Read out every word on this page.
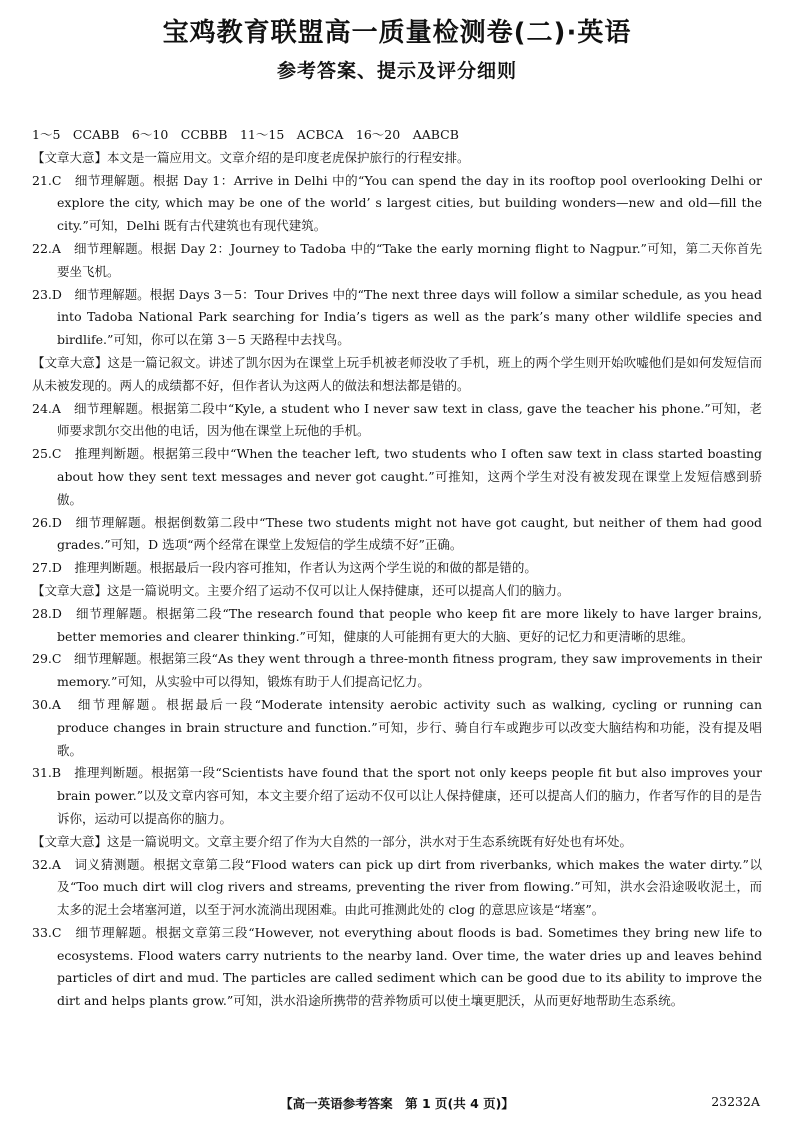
宝鸡教育联盟高一质量检测卷(二)·英语
参考答案、提示及评分细则

1～5　CCABB　6～10　CCBBB　11～15　ACBCA　16～20　AABCB

【文章大意】本文是一篇应用文。文章介绍的是印度老虎保护旅行的行程安排。

21.C　细节理解题。根据 Day 1：Arrive in Delhi 中的“You can spend the day in its rooftop pool overlooking Delhi or explore the city, which may be one of the world’ s largest cities, but building wonders—new and old—fill the city.”可知，Delhi 既有古代建筑也有现代建筑。

22.A　细节理解题。根据 Day 2：Journey to Tadoba 中的“Take the early morning flight to Nagpur.”可知，第二天你首先要坐飞机。

23.D　细节理解题。根据 Days 3－5：Tour Drives 中的“The next three days will follow a similar schedule, as you head into Tadoba National Park searching for India’s tigers as well as the park’s many other wildlife species and birdlife.”可知，你可以在第 3－5 天路程中去找鸟。

【文章大意】这是一篇记叙文。讲述了凯尔因为在课堂上玩手机被老师没收了手机，班上的两个学生则开始吹嘘他们是如何发短信而从未被发现的。两人的成绩都不好，但作者认为这两人的做法和想法都是错的。

24.A　细节理解题。根据第二段中“Kyle, a student who I never saw text in class, gave the teacher his phone.”可知，老师要求凯尔交出他的电话，因为他在课堂上玩他的手机。

25.C　推理判断题。根据第三段中“When the teacher left, two students who I often saw text in class started boasting about how they sent text messages and never got caught.”可推知，这两个学生对没有被发现在课堂上发短信感到骄傲。

26.D　细节理解题。根据倒数第二段中“These two students might not have got caught, but neither of them had good grades.”可知，D 选项“两个经常在课堂上发短信的学生成绩不好”正确。

27.D　推理判断题。根据最后一段内容可推知，作者认为这两个学生说的和做的都是错的。

【文章大意】这是一篇说明文。主要介绍了运动不仅可以让人保持健康，还可以提高人们的脑力。

28.D　细节理解题。根据第二段“The research found that people who keep fit are more likely to have larger brains, better memories and clearer thinking.”可知，健康的人可能拥有更大的大脑、更好的记忆力和更清晰的思维。

29.C　细节理解题。根据第三段“As they went through a three-month fitness program, they saw improvements in their memory.”可知，从实验中可以得知，锻炼有助于人们提高记忆力。

30.A　细节理解题。根据最后一段“Moderate intensity aerobic activity such as walking, cycling or running can produce changes in brain structure and function.”可知，步行、骑自行车或跑步可以改变大脑结构和功能，没有提及唱歌。

31.B　推理判断题。根据第一段“Scientists have found that the sport not only keeps people fit but also improves your brain power.”以及文章内容可知，本文主要介绍了运动不仅可以让人保持健康，还可以提高人们的脑力，作者写作的目的是告诉你，运动可以提高你的脑力。

【文章大意】这是一篇说明文。文章主要介绍了作为大自然的一部分，洪水对于生态系统既有好处也有坏处。

32.A　词义猜测题。根据文章第二段“Flood waters can pick up dirt from riverbanks, which makes the water dirty.”以及“Too much dirt will clog rivers and streams, preventing the river from flowing.”可知，洪水会沿途吸收泥土，而太多的泥土会堵塞河道，以至于河水流淌出现困难。由此可推测此处的 clog 的意思应该是“堵塞”。

33.C　细节理解题。根据文章第三段“However, not everything about floods is bad. Sometimes they bring new life to ecosystems. Flood waters carry nutrients to the nearby land. Over time, the water dries up and leaves behind particles of dirt and mud. The particles are called sediment which can be good due to its ability to improve the dirt and helps plants grow.”可知，洪水沿途所携带的营养物质可以使土壤更肥沃，从而更好地帮助生态系统。

【高一英语参考答案　第 1 页(共 4 页)】	23232A
